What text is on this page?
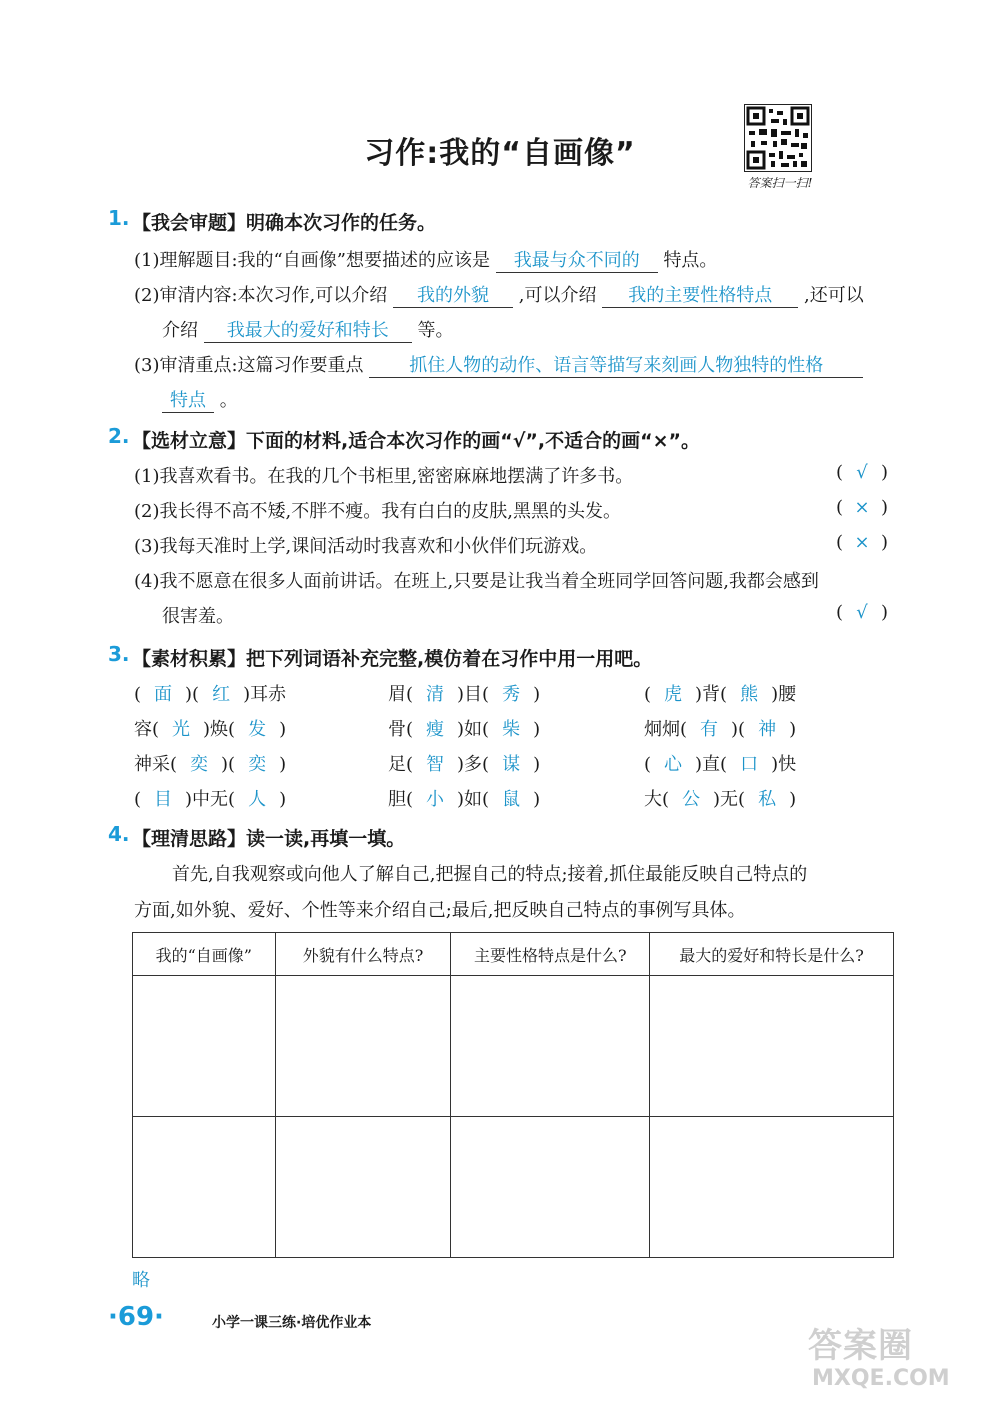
习作:我的“自画像”
答案扫一扫!
1. 【我会审题】明确本次习作的任务。
(1)理解题目:我的“自画像”想要描述的应该是 我最与众不同的 特点。
(2)审清内容:本次习作,可以介绍 我的外貌 ,可以介绍 我的主要性格特点 ,还可以
介绍 我最大的爱好和特长 等。
(3)审清重点:这篇习作要重点	抓住人物的动作、语言等描写来刻画人物独特的性格
特点 。
2. 【选材立意】下面的材料,适合本次习作的画“√”,不适合的画“×”。
(1)我喜欢看书。在我的几个书柜里,密密麻麻地摆满了许多书。	( √ )
(2)我长得不高不矮,不胖不瘦。我有白白的皮肤,黑黑的头发。	( × )
(3)我每天准时上学,课间活动时我喜欢和小伙伴们玩游戏。	( × )
(4)我不愿意在很多人面前讲话。在班上,只要是让我当着全班同学回答问题,我都会感到
很害羞。	( √ )
3. 【素材积累】把下列词语补充完整,模仿着在习作中用一用吧。
( 面 )( 红 )耳赤	眉( 清 )目( 秀 )	( 虎 )背( 熊 )腰
容( 光 )焕( 发 )	骨( 瘦 )如( 柴 )	炯炯( 有 )( 神 )
神采( 奕 )( 奕 )	足( 智 )多( 谋 )	( 心 )直( 口 )快
( 目 )中无( 人 )	胆( 小 )如( 鼠 )	大( 公 )无( 私 )
4. 【理清思路】读一读,再填一填。
首先,自我观察或向他人了解自己,把握自己的特点;接着,抓住最能反映自己特点的
方面,如外貌、爱好、个性等来介绍自己;最后,把反映自己特点的事例写具体。
我的“自画像”	外貌有什么特点?	主要性格特点是什么?	最大的爱好和特长是什么?

略
·69·	小学一课三练·培优作业本
答案圈
MXQE.COM
